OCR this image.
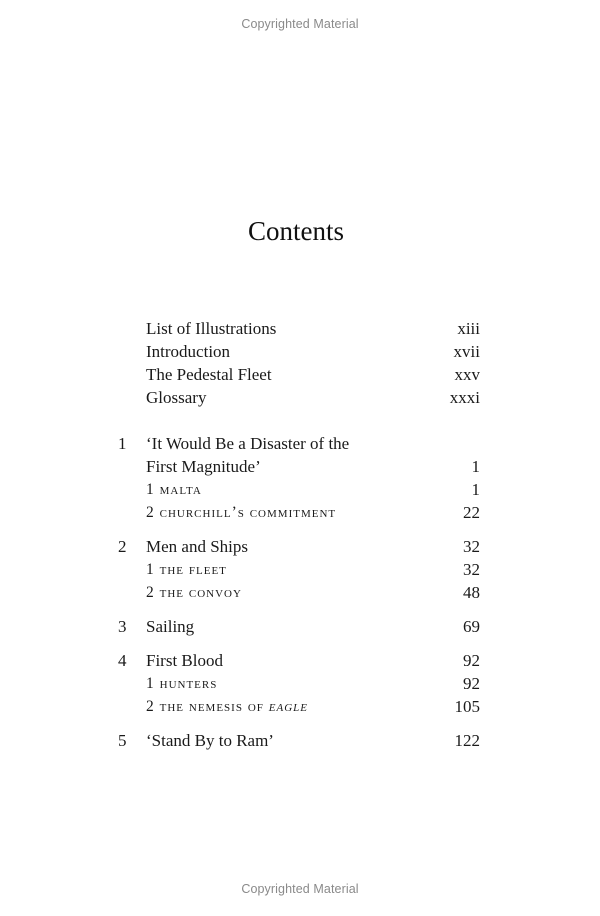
Copyrighted Material
Contents
List of Illustrations	xiii
Introduction	xvii
The Pedestal Fleet	xxv
Glossary	xxxi
1 ‘It Would Be a Disaster of the
First Magnitude’	1
1 malta	1
2 churchill’s commitment	22
2 Men and Ships	32
1 the fleet	32
2 the convoy	48
3 Sailing	69
4 First Blood	92
1 hunters	92
2 the nemesis of eagle	105
5 ‘Stand By to Ram’	122
Copyrighted Material
